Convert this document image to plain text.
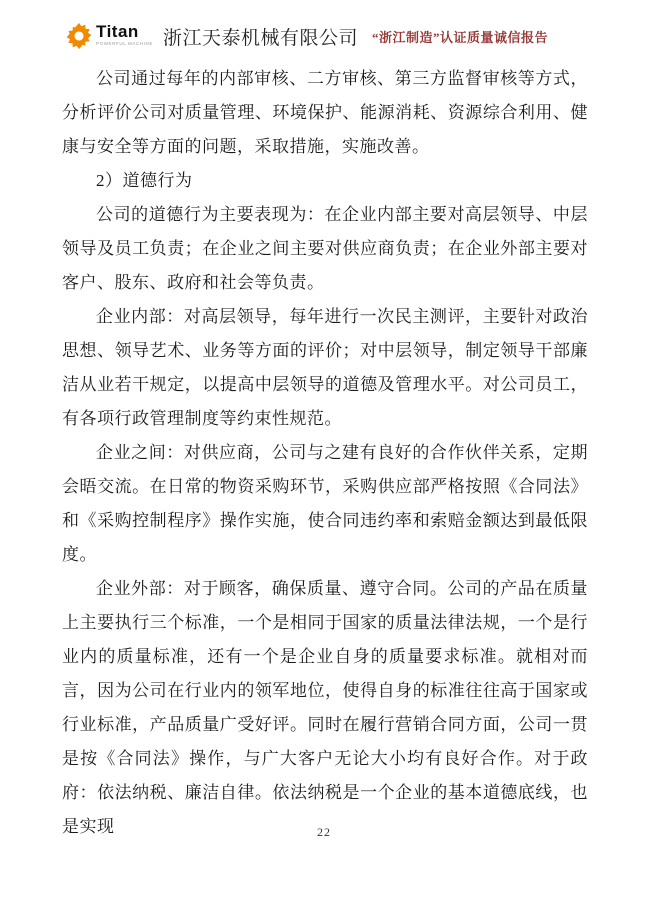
Titan
POWERFUL MACHINE 浙江天泰机械有限公司 “浙江制造”认证质量诚信报告

公司通过每年的内部审核、二方审核、第三方监督审核等方式，分析评价公司对质量管理、环境保护、能源消耗、资源综合利用、健康与安全等方面的问题，采取措施，实施改善。

2）道德行为

公司的道德行为主要表现为：在企业内部主要对高层领导、中层领导及员工负责；在企业之间主要对供应商负责；在企业外部主要对客户、股东、政府和社会等负责。

企业内部：对高层领导，每年进行一次民主测评，主要针对政治思想、领导艺术、业务等方面的评价；对中层领导，制定领导干部廉洁从业若干规定，以提高中层领导的道德及管理水平。对公司员工，有各项行政管理制度等约束性规范。

企业之间：对供应商，公司与之建有良好的合作伙伴关系，定期会晤交流。在日常的物资采购环节，采购供应部严格按照《合同法》和《采购控制程序》操作实施，使合同违约率和索赔金额达到最低限度。

企业外部：对于顾客，确保质量、遵守合同。公司的产品在质量上主要执行三个标准，一个是相同于国家的质量法律法规，一个是行业内的质量标准，还有一个是企业自身的质量要求标准。就相对而言，因为公司在行业内的领军地位，使得自身的标准往往高于国家或行业标准，产品质量广受好评。同时在履行营销合同方面，公司一贯是按《合同法》操作，与广大客户无论大小均有良好合作。对于政府：依法纳税、廉洁自律。依法纳税是一个企业的基本道德底线，也是实现	22
